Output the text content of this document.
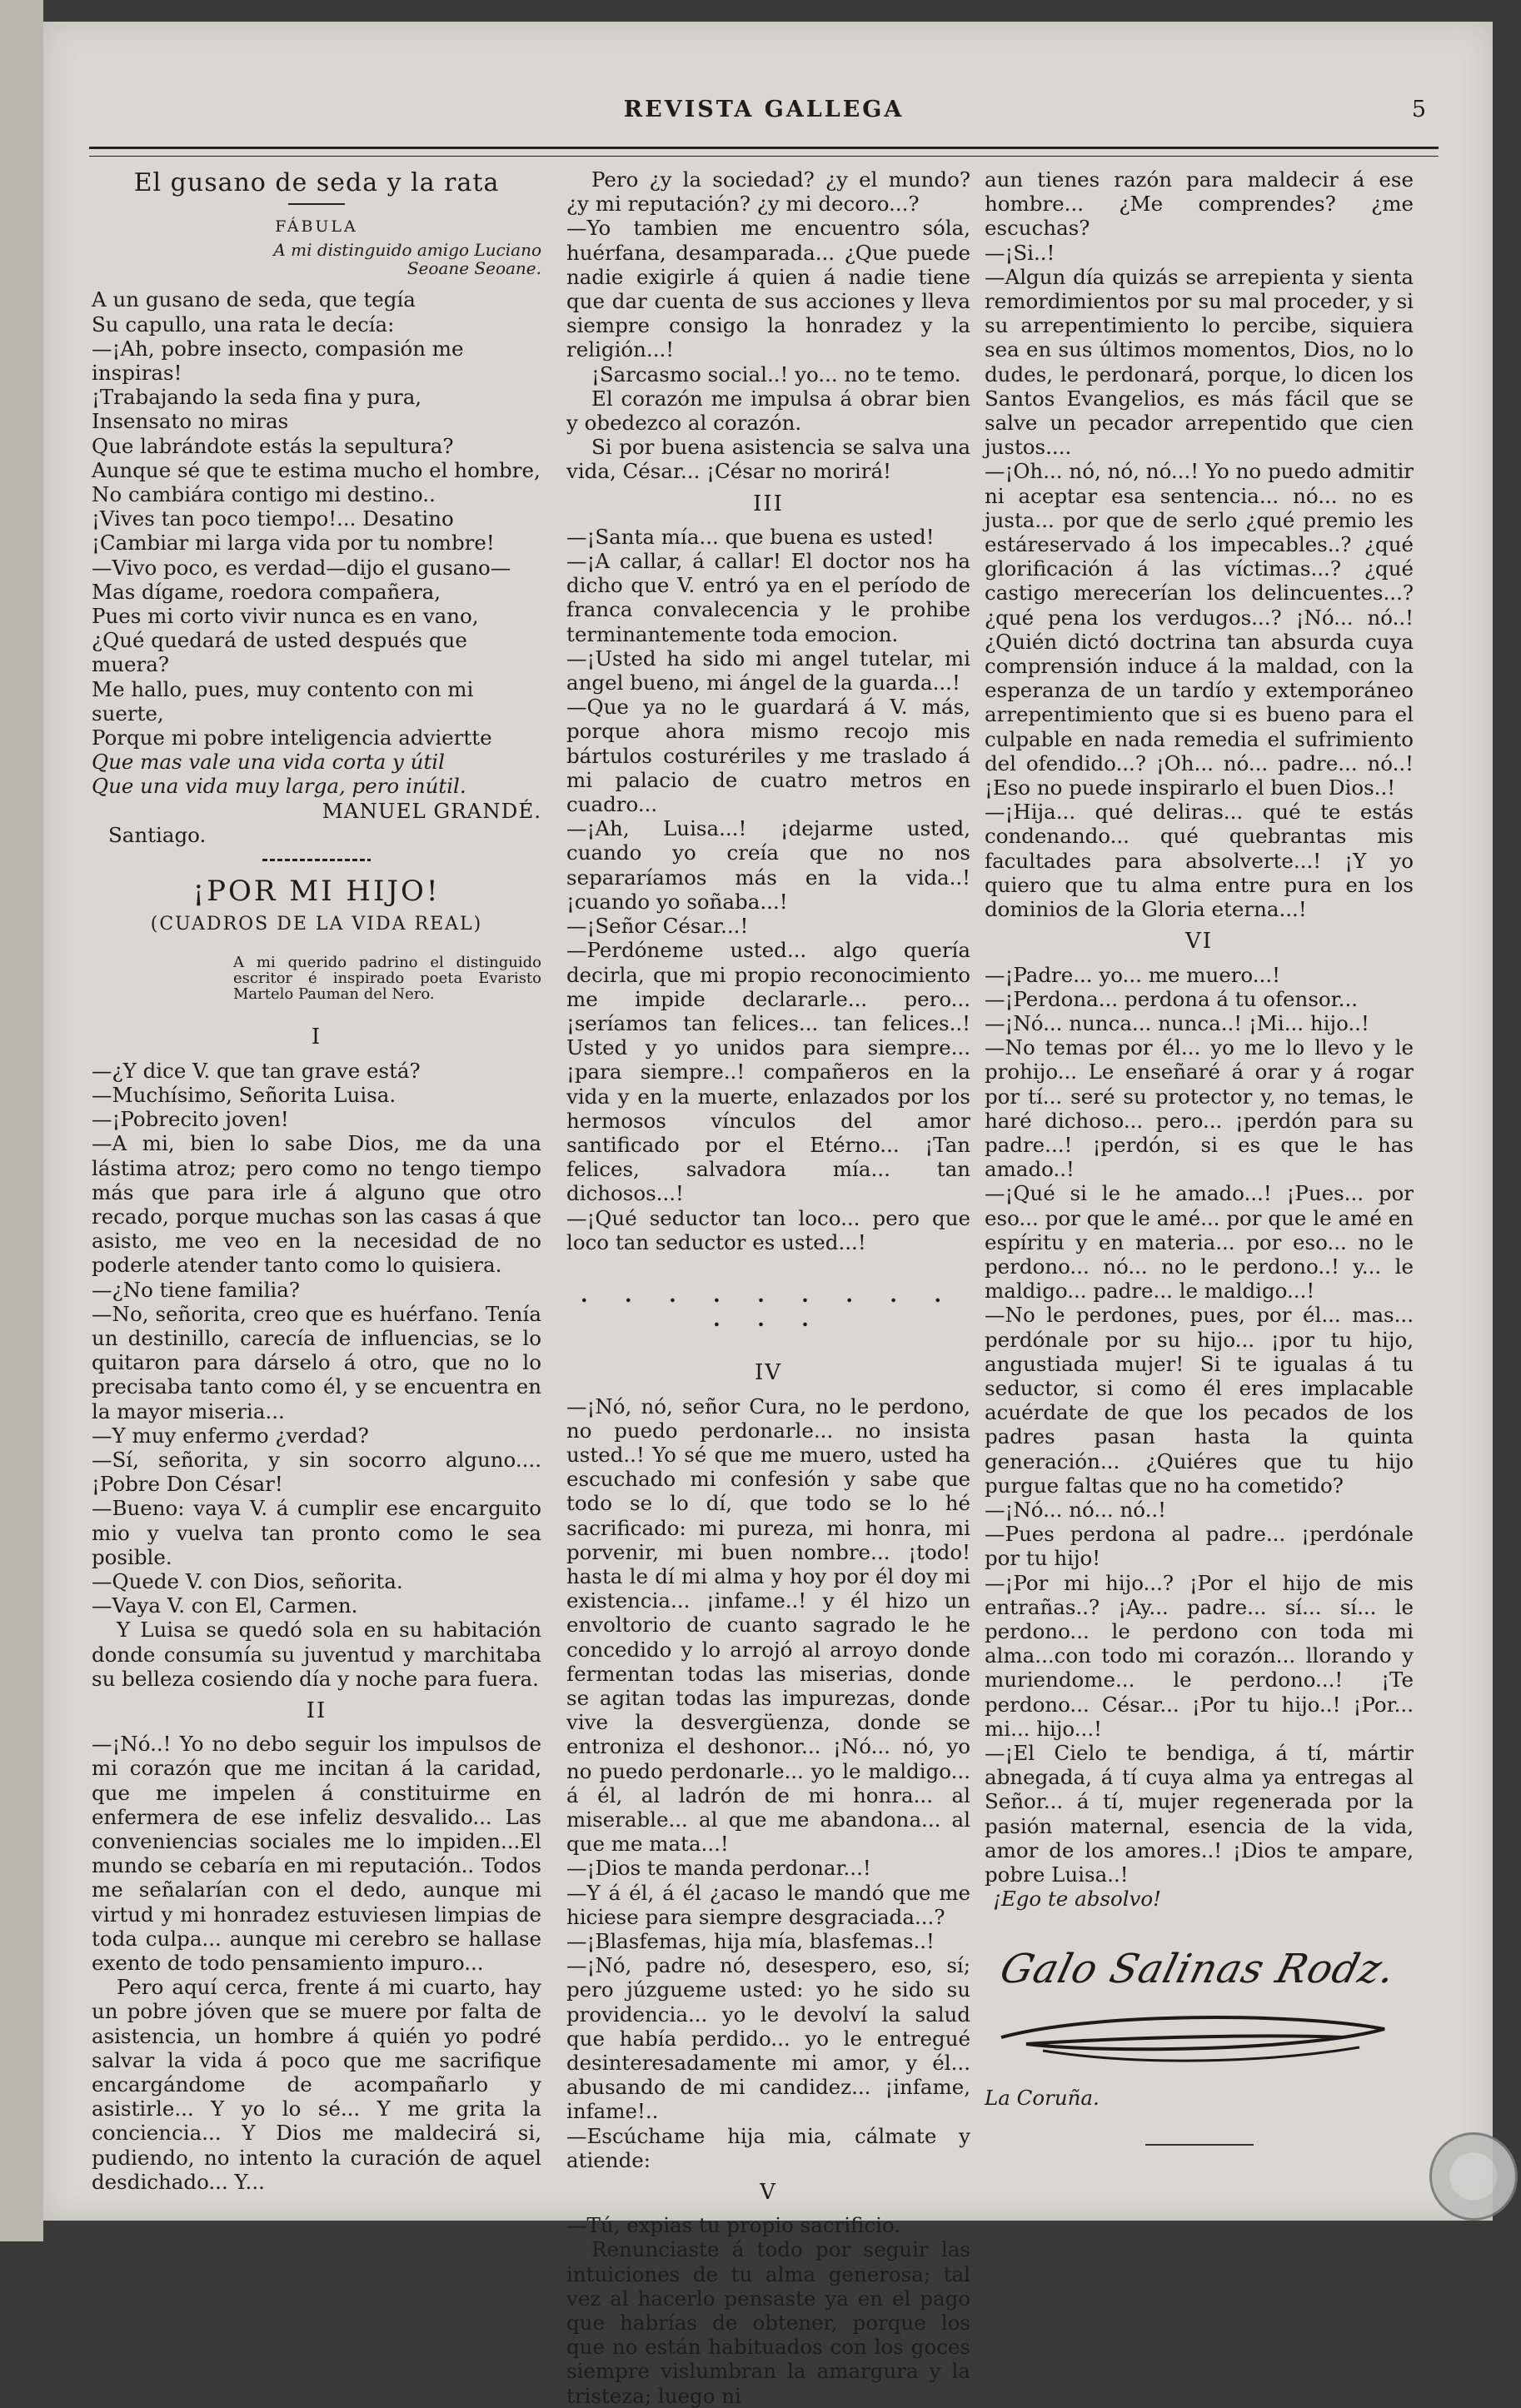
REVISTA GALLEGA	5
El gusano de seda y la rata
FÁBULA
A mi distinguido amigo Luciano Seoane Seoane.

A un gusano de seda, que tegía

Su capullo, una rata le decía:

—¡Ah, pobre insecto, compasión me inspiras!

¡Trabajando la seda fina y pura,

Insensato no miras

Que labrándote estás la sepultura?

Aunque sé que te estima mucho el hombre,

No cambiára contigo mi destino..

¡Vives tan poco tiempo!... Desatino

¡Cambiar mi larga vida por tu nombre!

—Vivo poco, es verdad—dijo el gusano—

Mas dígame, roedora compañera,

Pues mi corto vivir nunca es en vano,

¿Qué quedará de usted después que muera?

Me hallo, pues, muy contento con mi suerte,

Porque mi pobre inteligencia adviertte

Que mas vale una vida corta y útil

Que una vida muy larga, pero inútil.

MANUEL GRANDÉ.

Santiago.

¡POR MI HIJO!
(CUADROS DE LA VIDA REAL)
A mi querido padrino el distinguido escritor é inspirado poeta Evaristo Martelo Pauman del Nero.
I

—¿Y dice V. que tan grave está?

—Muchísimo, Señorita Luisa.

—¡Pobrecito joven!

—A mi, bien lo sabe Dios, me da una lástima atroz; pero como no tengo tiempo más que para irle á alguno que otro recado, porque muchas son las casas á que asisto, me veo en la necesidad de no poderle atender tanto como lo quisiera.

—¿No tiene familia?

—No, señorita, creo que es huérfano. Tenía un destinillo, carecía de influencias, se lo quitaron para dárselo á otro, que no lo precisaba tanto como él, y se encuentra en la mayor miseria...

—Y muy enfermo ¿verdad?

—Sí, señorita, y sin socorro alguno.... ¡Pobre Don César!

—Bueno: vaya V. á cumplir ese encarguito mio y vuelva tan pronto como le sea posible.

—Quede V. con Dios, señorita.

—Vaya V. con El, Carmen.

Y Luisa se quedó sola en su habitación donde consumía su juventud y marchitaba su belleza cosiendo día y noche para fuera.

II

—¡Nó..! Yo no debo seguir los impulsos de mi corazón que me incitan á la caridad, que me impelen á constituirme en enfermera de ese infeliz desvalido... Las conveniencias sociales me lo impiden...El mundo se cebaría en mi reputación.. Todos me señalarían con el dedo, aunque mi virtud y mi honradez estuviesen limpias de toda culpa... aunque mi cerebro se hallase exento de todo pensamiento impuro...

Pero aquí cerca, frente á mi cuarto, hay un pobre jóven que se muere por falta de asistencia, un hombre á quién yo podré salvar la vida á poco que me sacrifique encargándome de acompañarlo y asistirle... Y yo lo sé... Y me grita la conciencia... Y Dios me maldecirá si, pudiendo, no intento la curación de aquel desdichado... Y...

Pero ¿y la sociedad? ¿y el mundo? ¿y mi reputación? ¿y mi decoro...?

—Yo tambien me encuentro sóla, huérfana, desamparada... ¿Que puede nadie exigirle á quien á nadie tiene que dar cuenta de sus acciones y lleva siempre consigo la honradez y la religión...!

¡Sarcasmo social..! yo... no te temo.

El corazón me impulsa á obrar bien y obedezco al corazón.

Si por buena asistencia se salva una vida, César... ¡César no morirá!

III

—¡Santa mía... que buena es usted!

—¡A callar, á callar! El doctor nos ha dicho que V. entró ya en el período de franca convalecencia y le prohibe terminantemente toda emocion.

—¡Usted ha sido mi angel tutelar, mi angel bueno, mi ángel de la guarda...!

—Que ya no le guardará á V. más, porque ahora mismo recojo mis bártulos costurériles y me traslado á mi palacio de cuatro metros en cuadro...

—¡Ah, Luisa...! ¡dejarme usted, cuando yo creía que no nos separaríamos más en la vida..! ¡cuando yo soñaba...!

—¡Señor César...!

—Perdóneme usted... algo quería decirla, que mi propio reconocimiento me impide declararle... pero... ¡seríamos tan felices... tan felices..! Usted y yo unidos para siempre... ¡para siempre..! compañeros en la vida y en la muerte, enlazados por los hermosos vínculos del amor santificado por el Etérno... ¡Tan felices, salvadora mía... tan dichosos...!

—¡Qué seductor tan loco... pero que loco tan seductor es usted...!

. . . . . . . . . . . .
IV

—¡Nó, nó, señor Cura, no le perdono, no puedo perdonarle... no insista usted..! Yo sé que me muero, usted ha escuchado mi confesión y sabe que todo se lo dí, que todo se lo hé sacrificado: mi pureza, mi honra, mi porvenir, mi buen nombre... ¡todo! hasta le dí mi alma y hoy por él doy mi existencia... ¡infame..! y él hizo un envoltorio de cuanto sagrado le he concedido y lo arrojó al arroyo donde fermentan todas las miserias, donde se agitan todas las impurezas, donde vive la desvergüenza, donde se entroniza el deshonor... ¡Nó... nó, yo no puedo perdonarle... yo le maldigo... á él, al ladrón de mi honra... al miserable... al que me abandona... al que me mata...!

—¡Dios te manda perdonar...!

—Y á él, á él ¿acaso le mandó que me hiciese para siempre desgraciada...?

—¡Blasfemas, hija mía, blasfemas..!

—¡Nó, padre nó, desespero, eso, sí; pero júzgueme usted: yo he sido su providencia... yo le devolví la salud que había perdido... yo le entregué desinteresadamente mi amor, y él... abusando de mi candidez... ¡infame, infame!..

—Escúchame hija mia, cálmate y atiende:

V

—Tú, expias tu propio sacrificio.

Renunciaste á todo por seguir las intuiciones de tu alma generosa; tal vez al hacerlo pensaste ya en el pago que habrías de obtener, porque los que no están habituados con los goces siempre vislumbran la amargura y la tristeza; luego ni

aun tienes razón para maldecir á ese hombre... ¿Me comprendes? ¿me escuchas?

—¡Si..!

—Algun día quizás se arrepienta y sienta remordimientos por su mal proceder, y si su arrepentimiento lo percibe, siquiera sea en sus últimos momentos, Dios, no lo dudes, le perdonará, porque, lo dicen los Santos Evangelios, es más fácil que se salve un pecador arrepentido que cien justos....

—¡Oh... nó, nó, nó...! Yo no puedo admitir ni aceptar esa sentencia... nó... no es justa... por que de serlo ¿qué premio les estáreservado á los impecables..? ¿qué glorificación á las víctimas...? ¿qué castigo merecerían los delincuentes...? ¿qué pena los verdugos...? ¡Nó... nó..! ¿Quién dictó doctrina tan absurda cuya comprensión induce á la maldad, con la esperanza de un tardío y extemporáneo arrepentimiento que si es bueno para el culpable en nada remedia el sufrimiento del ofendido...? ¡Oh... nó... padre... nó..! ¡Eso no puede inspirarlo el buen Dios..!

—¡Hija... qué deliras... qué te estás condenando... qué quebrantas mis facultades para absolverte...! ¡Y yo quiero que tu alma entre pura en los dominios de la Gloria eterna...!

VI

—¡Padre... yo... me muero...!

—¡Perdona... perdona á tu ofensor...

—¡Nó... nunca... nunca..! ¡Mi... hijo..!

—No temas por él... yo me lo llevo y le prohijo... Le enseñaré á orar y á rogar por tí... seré su protector y, no temas, le haré dichoso... pero... ¡perdón para su padre...! ¡perdón, si es que le has amado..!

—¡Qué si le he amado...! ¡Pues... por eso... por que le amé... por que le amé en espíritu y en materia... por eso... no le perdono... nó... no le perdono..! y... le maldigo... padre... le maldigo...!

—No le perdones, pues, por él... mas... perdónale por su hijo... ¡por tu hijo, angustiada mujer! Si te igualas á tu seductor, si como él eres implacable acuérdate de que los pecados de los padres pasan hasta la quinta generación... ¿Quiéres que tu hijo purgue faltas que no ha cometido?

—¡Nó... nó... nó..!

—Pues perdona al padre... ¡perdónale por tu hijo!

—¡Por mi hijo...? ¡Por el hijo de mis entrañas..? ¡Ay... padre... sí... sí... le perdono... le perdono con toda mi alma...con todo mi corazón... llorando y muriendome... le perdono...! ¡Te perdono... César... ¡Por tu hijo..! ¡Por... mi... hijo...!

—¡El Cielo te bendiga, á tí, mártir abnegada, á tí cuya alma ya entregas al Señor... á tí, mujer regenerada por la pasión maternal, esencia de la vida, amor de los amores..! ¡Dios te ampare, pobre Luisa..!

¡Ego te absolvo!

Galo Salinas Rodz.

La Coruña.
